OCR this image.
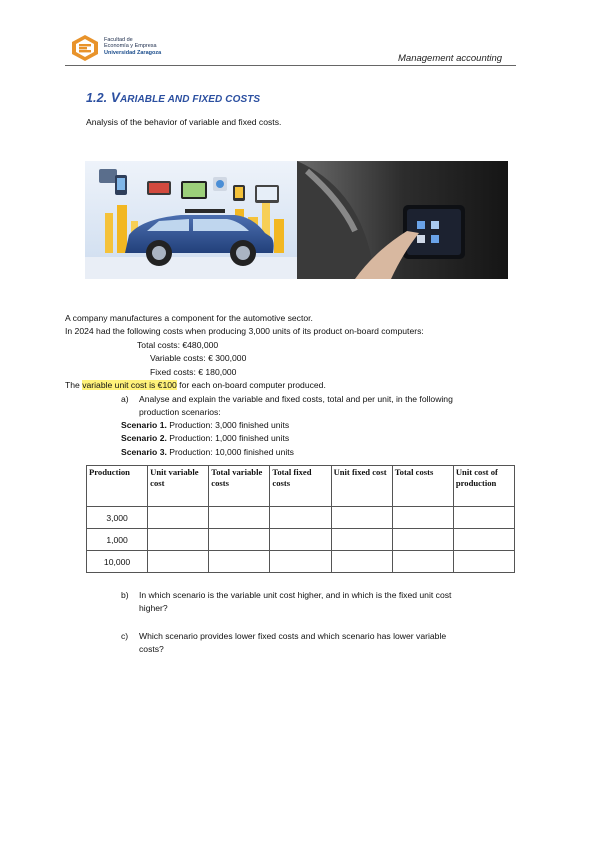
Facultad de
Economía y Empresa
Universidad Zaragoza
Management accounting
1.2. VARIABLE AND FIXED COSTS
Analysis of the behavior of variable and fixed costs.
A company manufactures a component for the automotive sector.
In 2024 had the following costs when producing 3,000 units of its product on-board computers:
Total costs: €480,000
Variable costs: € 300,000
Fixed costs: € 180,000
The variable unit cost is €100 for each on-board computer produced.
a) Analyse and explain the variable and fixed costs, total and per unit, in the following
production scenarios:
Scenario 1. Production: 3,000 finished units
Scenario 2. Production: 1,000 finished units
Scenario 3. Production: 10,000 finished units
Production	Unit variable cost	Total variable costs	Total fixed costs	Unit fixed cost	Total costs	Unit cost of production
3,000						
1,000						
10,000						
b) In which scenario is the variable unit cost higher, and in which is the fixed unit cost
higher?
c) Which scenario provides lower fixed costs and which scenario has lower variable
costs?
